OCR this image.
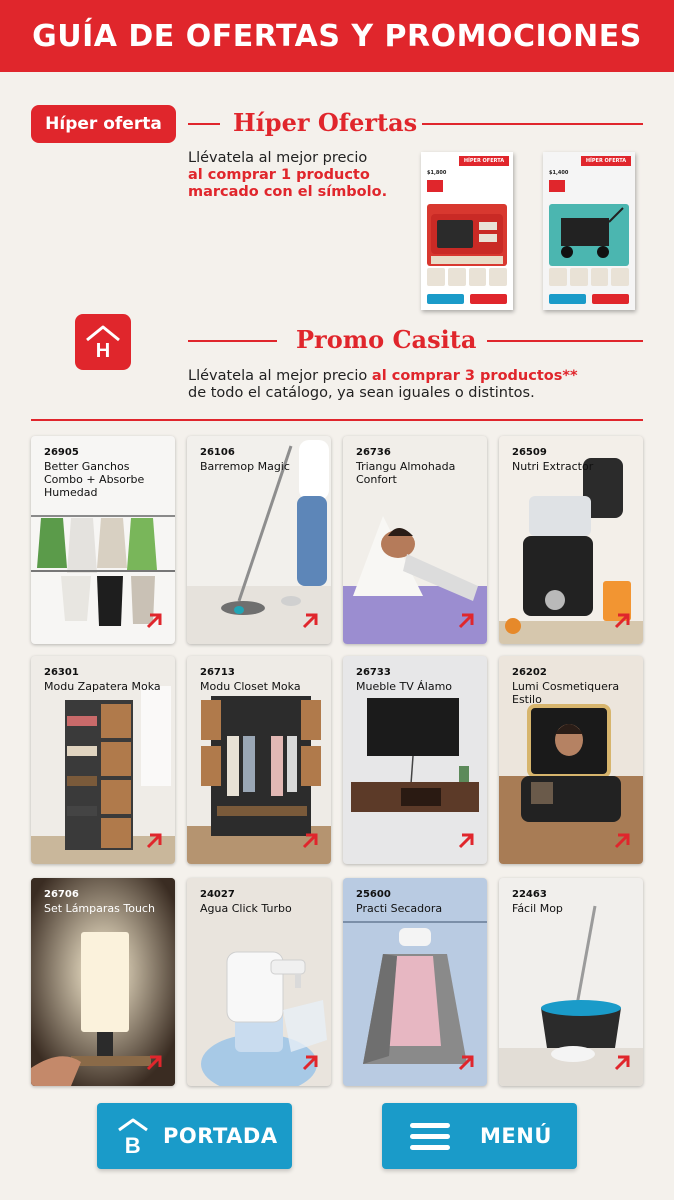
GUÍA DE OFERTAS Y PROMOCIONES
Híper oferta	Híper Ofertas
Llévatela al mejor precio
al comprar 1 producto
marcado con el símbolo.
HÍPER OFERTA
$1,800
HÍPER OFERTA
$1,400
H	Promo Casita
Llévatela al mejor precio al comprar 3 productos**
de todo el catálogo, ya sean iguales o distintos.
26905
Better Ganchos Combo + Absorbe Humedad
26106
Barremop Magic
26736
Triangu Almohada Confort
26509
Nutri Extractor
26301
Modu Zapatera Moka
26713
Modu Closet Moka
26733
Mueble TV Álamo
26202
Lumi Cosmetiquera Estilo
26706
Set Lámparas Touch
24027
Agua Click Turbo
25600
Practi Secadora
22463
Fácil Mop
B PORTADA	MENÚ
